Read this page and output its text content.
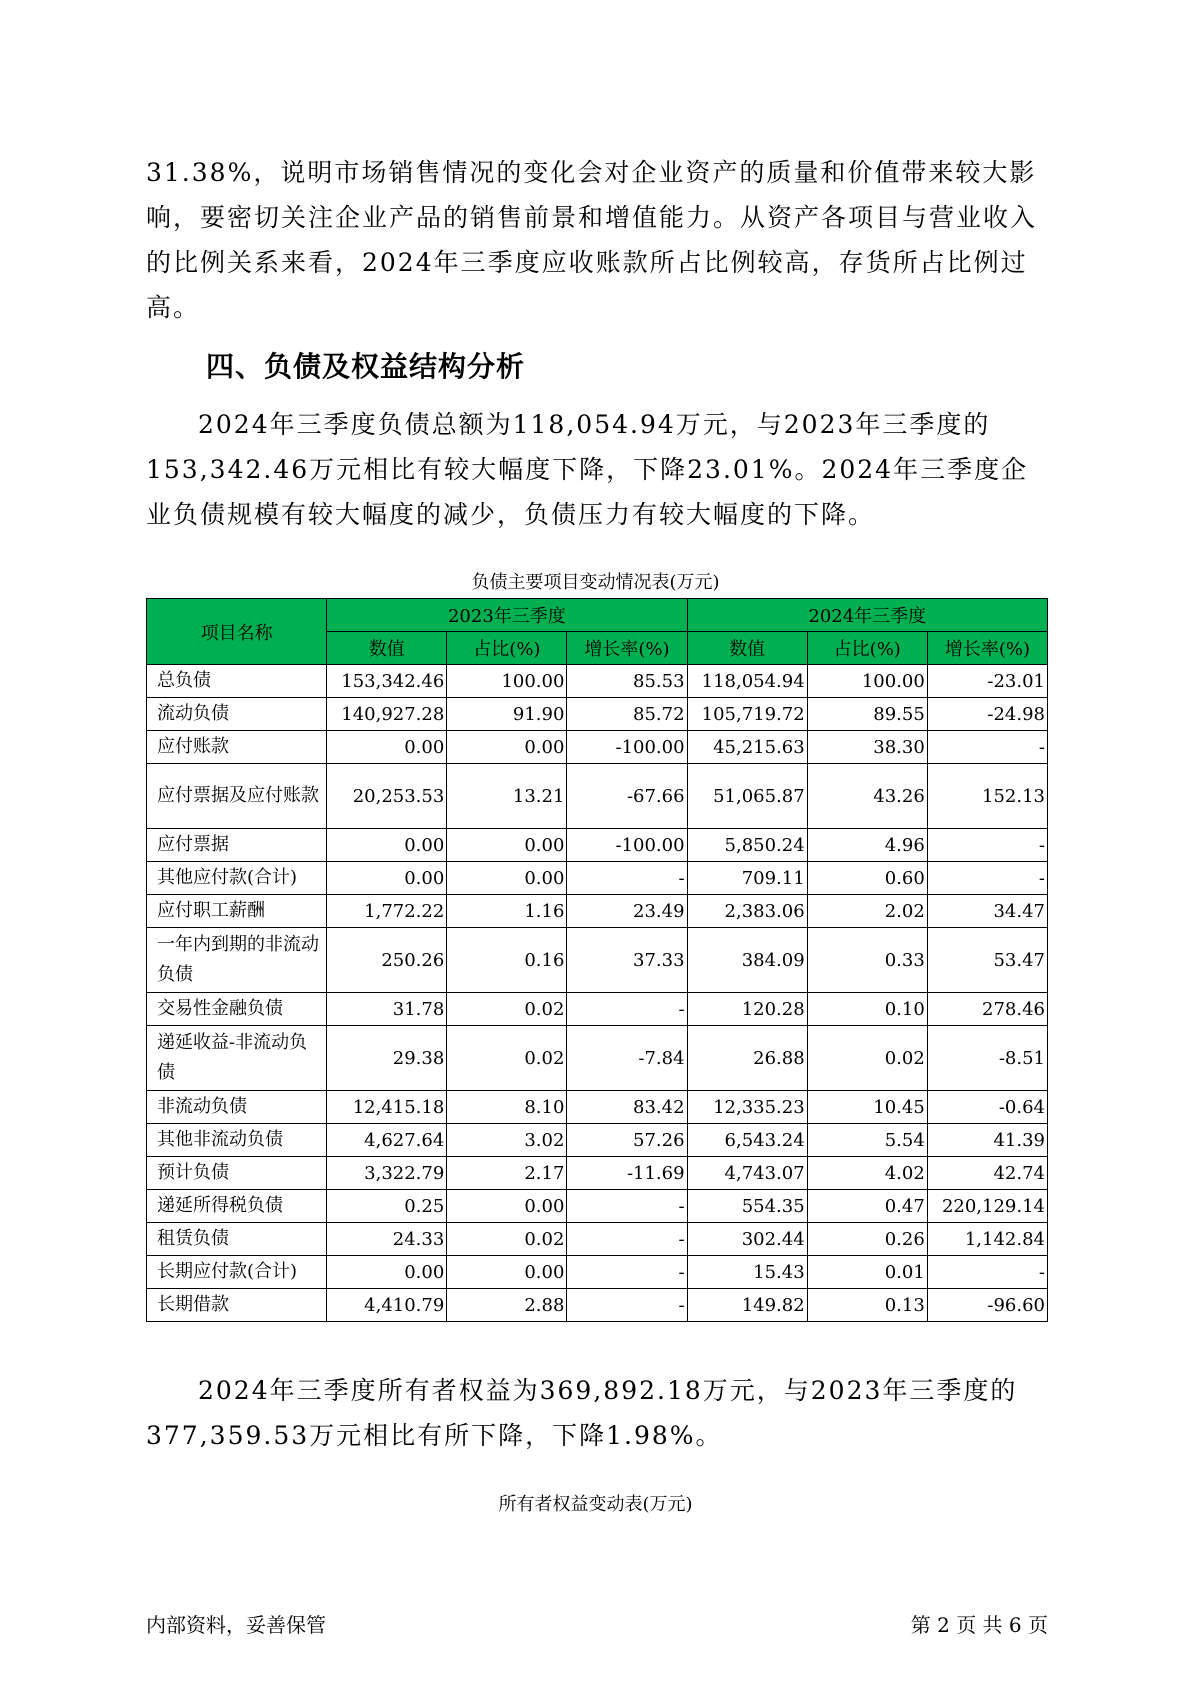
31.38%，说明市场销售情况的变化会对企业资产的质量和价值带来较大影响，要密切关注企业产品的销售前景和增值能力。从资产各项目与营业收入的比例关系来看，2024年三季度应收账款所占比例较高，存货所占比例过高。

四、负债及权益结构分析

2024年三季度负债总额为118,054.94万元，与2023年三季度的153,342.46万元相比有较大幅度下降，下降23.01%。2024年三季度企业负债规模有较大幅度的减少，负债压力有较大幅度的下降。

负债主要项目变动情况表(万元)

项目名称	2023年三季度			2024年三季度		
	数值	占比(%)	增长率(%)	数值	占比(%)	增长率(%)
总负债	153,342.46	100.00	85.53	118,054.94	100.00	-23.01
流动负债	140,927.28	91.90	85.72	105,719.72	89.55	-24.98
应付账款	0.00	0.00	-100.00	45,215.63	38.30	-
应付票据及应付账款	20,253.53	13.21	-67.66	51,065.87	43.26	152.13
应付票据	0.00	0.00	-100.00	5,850.24	4.96	-
其他应付款(合计)	0.00	0.00	-	709.11	0.60	-
应付职工薪酬	1,772.22	1.16	23.49	2,383.06	2.02	34.47
一年内到期的非流动负债	250.26	0.16	37.33	384.09	0.33	53.47
交易性金融负债	31.78	0.02	-	120.28	0.10	278.46
递延收益-非流动负债	29.38	0.02	-7.84	26.88	0.02	-8.51
非流动负债	12,415.18	8.10	83.42	12,335.23	10.45	-0.64
其他非流动负债	4,627.64	3.02	57.26	6,543.24	5.54	41.39
预计负债	3,322.79	2.17	-11.69	4,743.07	4.02	42.74
递延所得税负债	0.25	0.00	-	554.35	0.47	220,129.14
租赁负债	24.33	0.02	-	302.44	0.26	1,142.84
长期应付款(合计)	0.00	0.00	-	15.43	0.01	-
长期借款	4,410.79	2.88	-	149.82	0.13	-96.60

2024年三季度所有者权益为369,892.18万元，与2023年三季度的377,359.53万元相比有所下降，下降1.98%。

所有者权益变动表(万元)

内部资料，妥善保管	第 2 页 共 6 页
